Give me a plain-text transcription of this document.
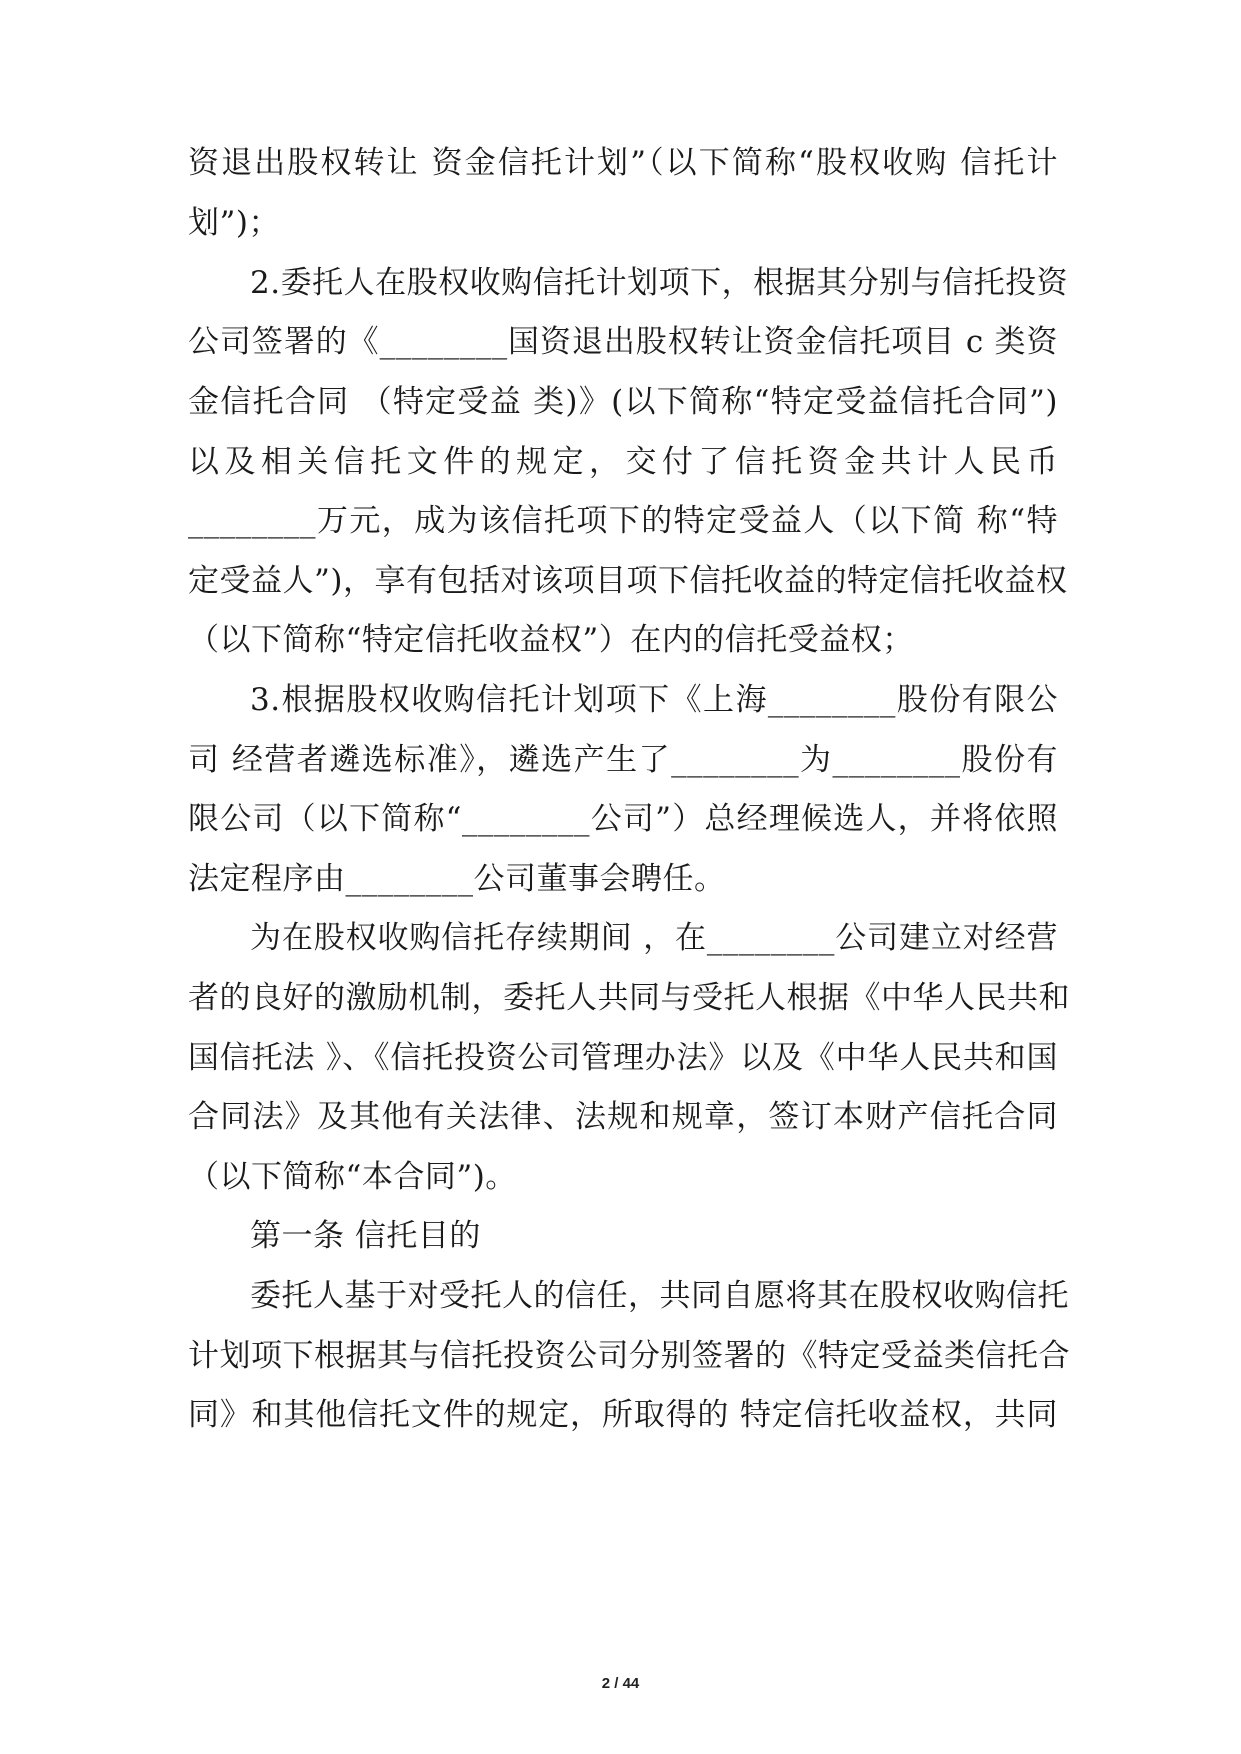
资退出股权转让 资金信托计划”（以下简称“股权收购 信托计
划”)；
2.委托人在股权收购信托计划项下，根据其分别与信托投资
公司签署的《________国资退出股权转让资金信托项目 c 类资
金信托合同 （特定受益 类)》(以下简称“特定受益信托合同”)
以及相关信托文件的规定，交付了信托资金共计人民币
________万元，成为该信托项下的特定受益人（以下简 称“特
定受益人”)，享有包括对该项目项下信托收益的特定信托收益权
（以下简称“特定信托收益权”）在内的信托受益权；
3.根据股权收购信托计划项下《上海________股份有限公
司 经营者遴选标准》，遴选产生了________为________股份有
限公司（以下简称“________公司”）总经理候选人，并将依照
法定程序由________公司董事会聘任。
为在股权收购信托存续期间 ，在________公司建立对经营
者的良好的激励机制，委托人共同与受托人根据《中华人民共和
国信托法 》、《信托投资公司管理办法》以及《中华人民共和国
合同法》及其他有关法律、法规和规章，签订本财产信托合同
（以下简称“本合同”)。
第一条 信托目的
委托人基于对受托人的信任，共同自愿将其在股权收购信托
计划项下根据其与信托投资公司分别签署的《特定受益类信托合
同》和其他信托文件的规定，所取得的 特定信托收益权，共同
2 / 44
